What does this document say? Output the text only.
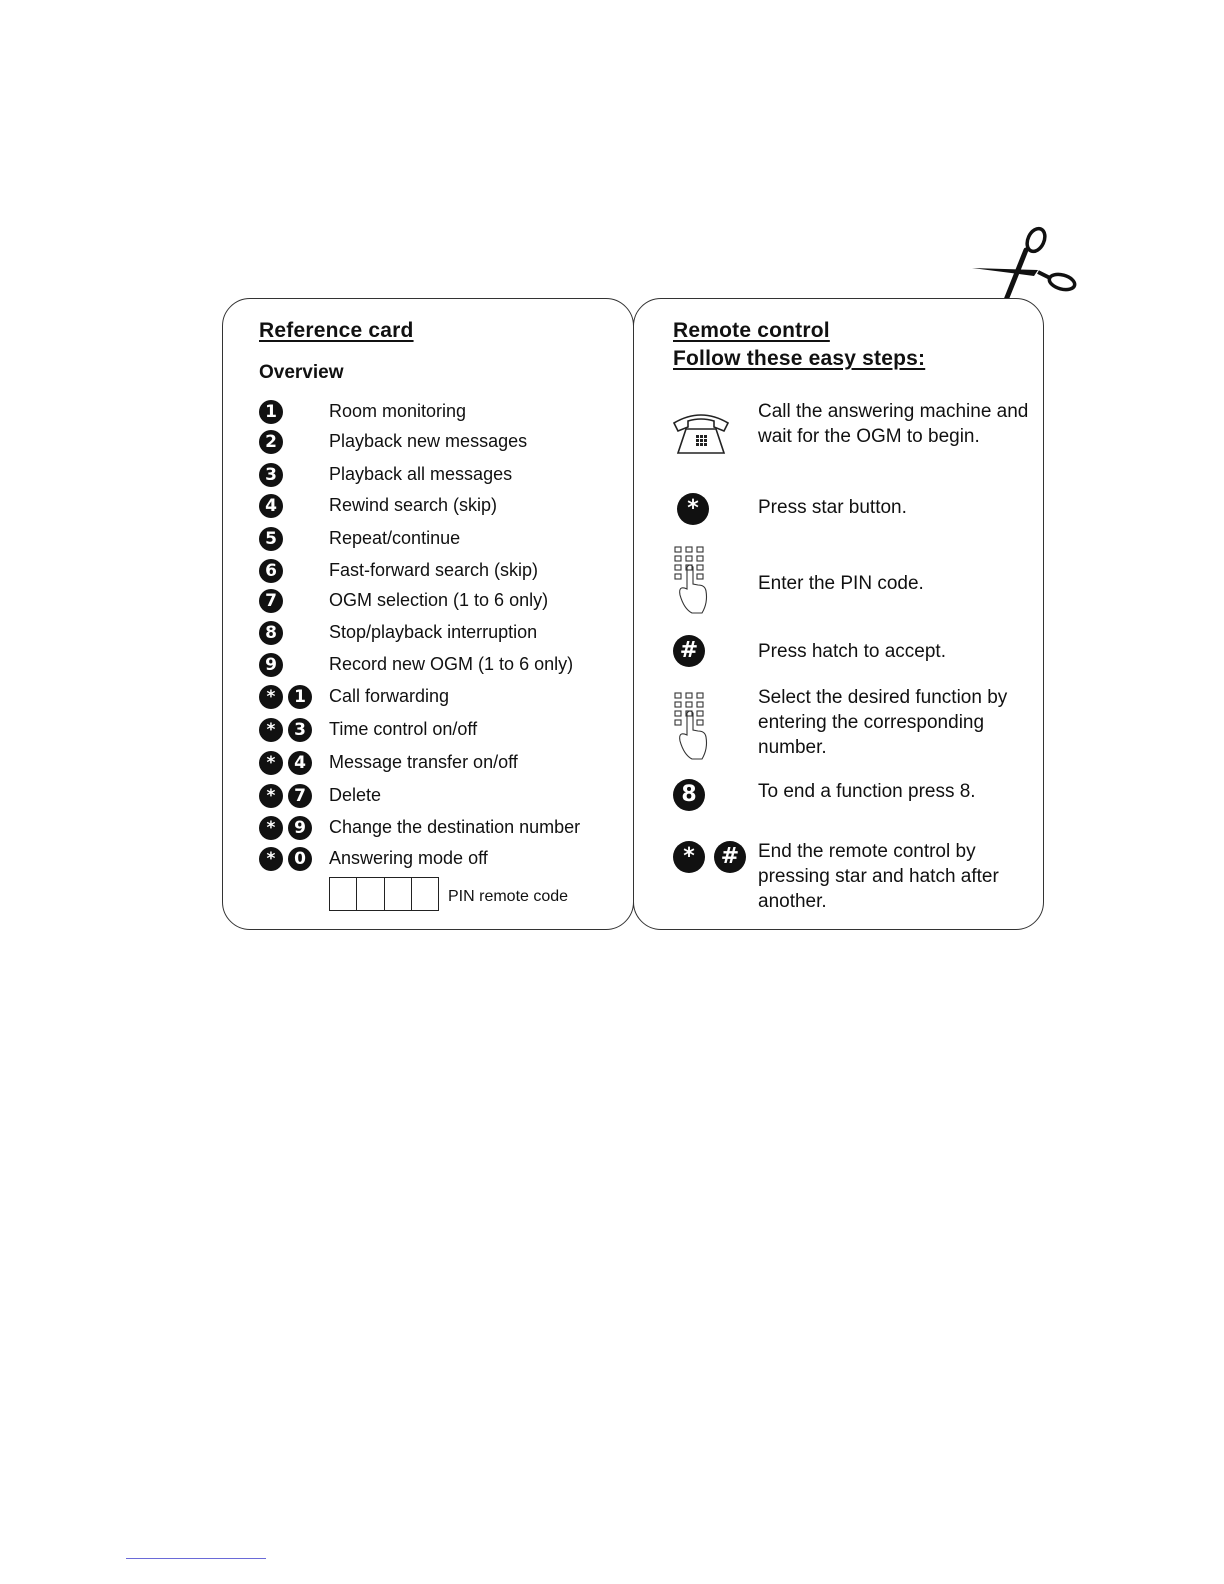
Reference card
Overview
1	Room monitoring
2	Playback new messages
3	Playback all messages
4	Rewind search (skip)
5	Repeat/continue
6	Fast-forward search (skip)
7	OGM selection (1 to 6 only)
8	Stop/playback interruption
9	Record new OGM (1 to 6 only)
*	1	Call forwarding
*	3	Time control on/off
*	4	Message transfer on/off
*	7	Delete
*	9	Change the destination number
*	0	Answering mode off
PIN remote code
Remote control
Follow these easy steps:
Call the answering machine and wait for the OGM to begin.
*	Press star button.
Enter the PIN code.
#	Press hatch to accept.
Select the desired function by entering the corresponding number.
8	To end a function press 8.
*	# End the remote control by pressing star and hatch after another.
